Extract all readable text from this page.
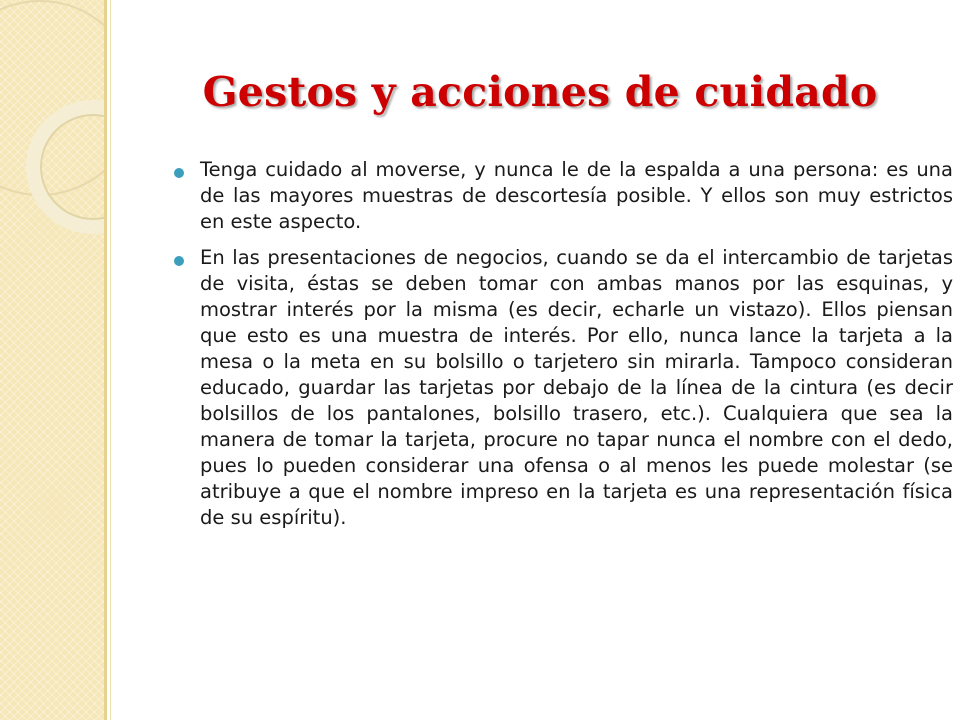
Gestos y acciones de cuidado
Tenga cuidado al moverse, y nunca le de la espalda a una persona: es una de las mayores muestras de descortesía posible. Y ellos son muy estrictos en este aspecto.
En las presentaciones de negocios, cuando se da el intercambio de tarjetas de visita, éstas se deben tomar con ambas manos por las esquinas, y mostrar interés por la misma (es decir, echarle un vistazo). Ellos piensan que esto es una muestra de interés. Por ello, nunca lance la tarjeta a la mesa o la meta en su bolsillo o tarjetero sin mirarla. Tampoco consideran educado, guardar las tarjetas por debajo de la línea de la cintura (es decir bolsillos de los pantalones, bolsillo trasero, etc.). Cualquiera que sea la manera de tomar la tarjeta, procure no tapar nunca el nombre con el dedo, pues lo pueden considerar una ofensa o al menos les puede molestar (se atribuye a que el nombre impreso en la tarjeta es una representación física de su espíritu).
